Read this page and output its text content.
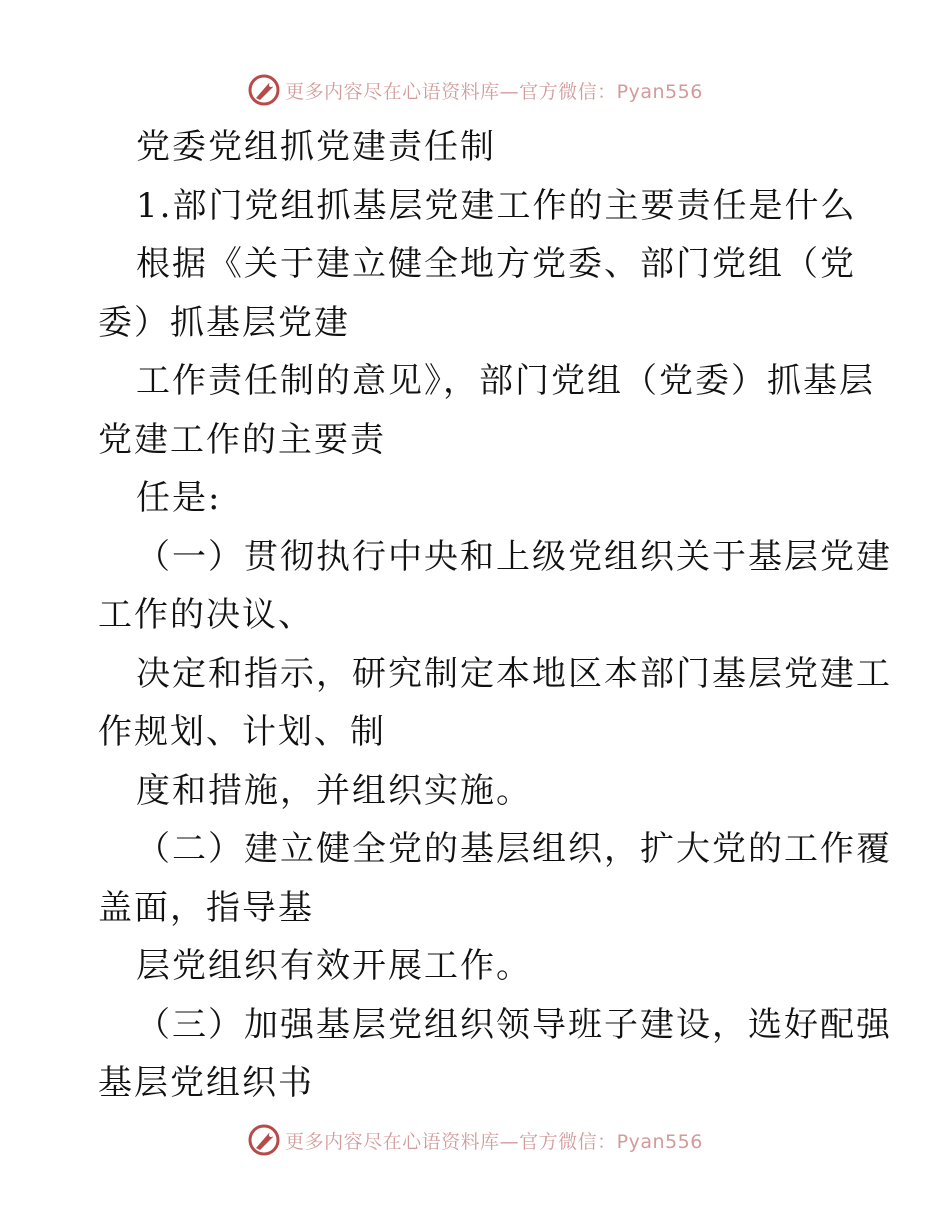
更多内容尽在心语资料库—官方微信：Pyan556
党委党组抓党建责任制
1.部门党组抓基层党建工作的主要责任是什么
根据《关于建立健全地方党委、部门党组（党
委）抓基层党建
工作责任制的意见》，部门党组（党委）抓基层
党建工作的主要责
任是:
（一）贯彻执行中央和上级党组织关于基层党建
工作的决议、
决定和指示，研究制定本地区本部门基层党建工
作规划、计划、制
度和措施，并组织实施。
（二）建立健全党的基层组织，扩大党的工作覆
盖面，指导基
层党组织有效开展工作。
（三）加强基层党组织领导班子建设，选好配强
基层党组织书
更多内容尽在心语资料库—官方微信：Pyan556
